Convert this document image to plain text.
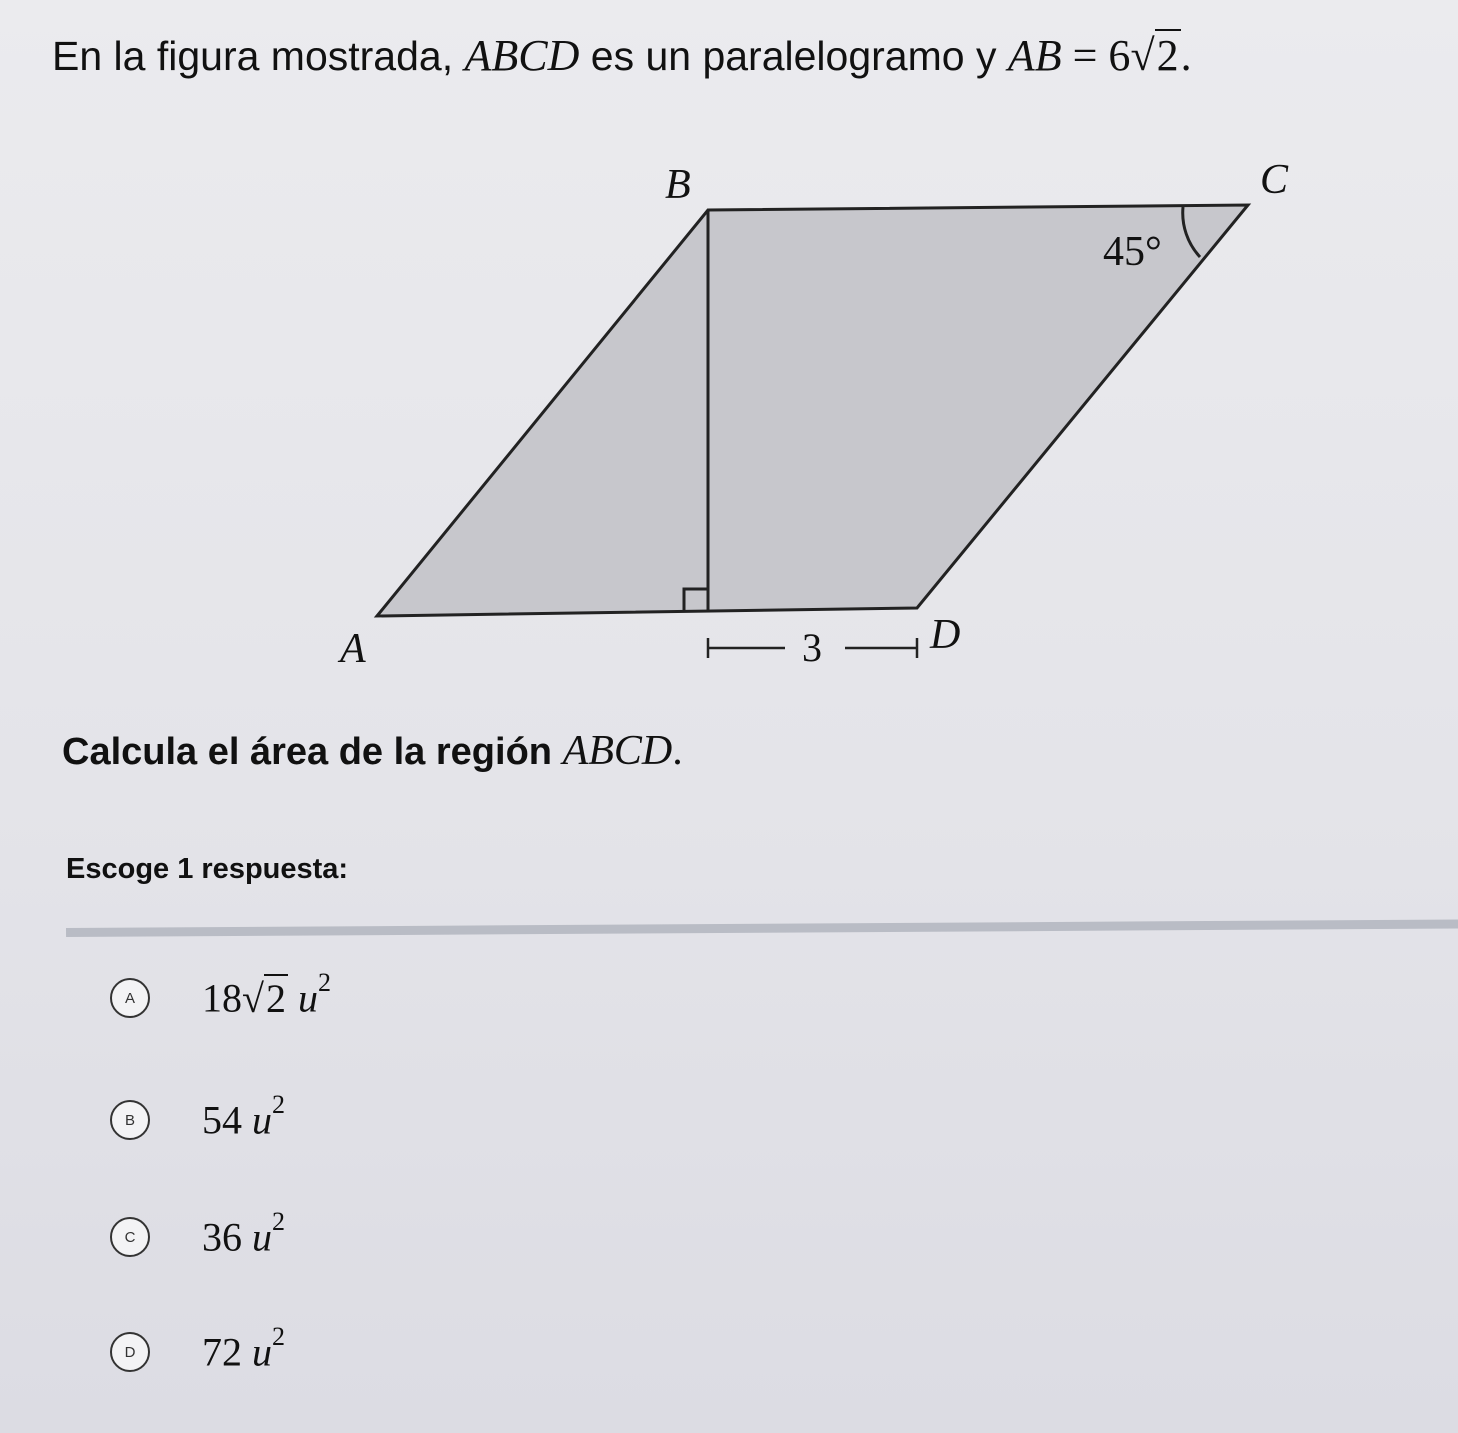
En la figura mostrada, ABCD es un paralelogramo y AB = 6√2.
45°
B	C
A	D
3
Calcula el área de la región ABCD.
Escoge 1 respuesta:
A	18√2 $u^2$
B	54 $u^2$
C	36 $u^2$
D	72 $u^2$
